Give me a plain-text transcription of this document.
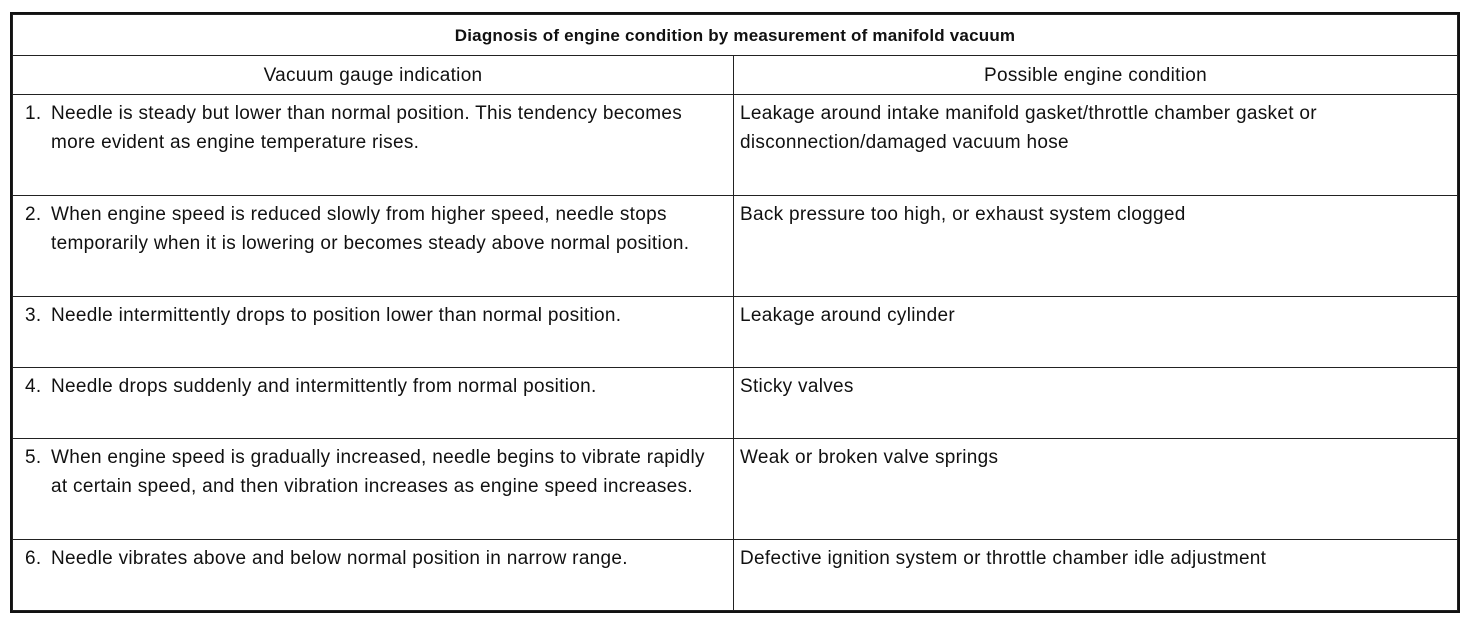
Diagnosis of engine condition by measurement of manifold vacuum	
Vacuum gauge indication	Possible engine condition

1. Needle is steady but lower than normal position. This tendency becomes more evident as engine temperature rises.	Leakage around intake manifold gasket/throttle chamber gasket or disconnection/damaged vacuum hose

2. When engine speed is reduced slowly from higher speed, needle stops temporarily when it is lowering or becomes steady above normal position.	Back pressure too high, or exhaust system clogged

3. Needle intermittently drops to position lower than normal position.	Leakage around cylinder

4. Needle drops suddenly and intermittently from normal position.	Sticky valves

5. When engine speed is gradually increased, needle begins to vibrate rapidly at certain speed, and then vibration increases as engine speed increases.	Weak or broken valve springs

6. Needle vibrates above and below normal position in narrow range.	Defective ignition system or throttle chamber idle adjustment
